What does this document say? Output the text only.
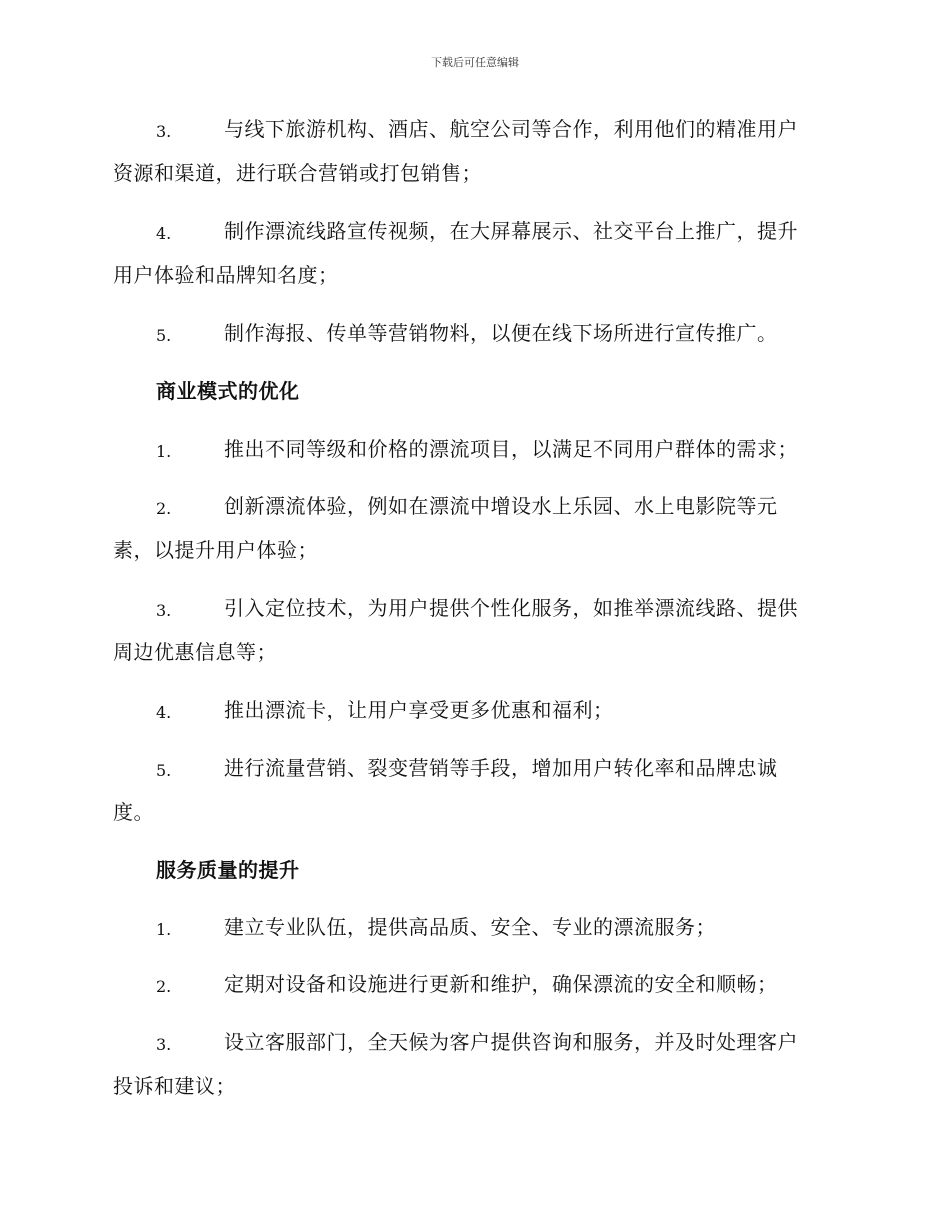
下载后可任意编辑
3.	与线下旅游机构、酒店、航空公司等合作，利用他们的精准用户
资源和渠道，进行联合营销或打包销售；
4.	制作漂流线路宣传视频，在大屏幕展示、社交平台上推广，提升
用户体验和品牌知名度；
5.	制作海报、传单等营销物料，以便在线下场所进行宣传推广。
商业模式的优化
1.	推出不同等级和价格的漂流项目，以满足不同用户群体的需求；
2.	创新漂流体验，例如在漂流中增设水上乐园、水上电影院等元
素，以提升用户体验；
3.	引入定位技术，为用户提供个性化服务，如推举漂流线路、提供
周边优惠信息等；
4.	推出漂流卡，让用户享受更多优惠和福利；
5.	进行流量营销、裂变营销等手段，增加用户转化率和品牌忠诚
度。
服务质量的提升
1.	建立专业队伍，提供高品质、安全、专业的漂流服务；
2.	定期对设备和设施进行更新和维护，确保漂流的安全和顺畅；
3.	设立客服部门，全天候为客户提供咨询和服务，并及时处理客户
投诉和建议；
